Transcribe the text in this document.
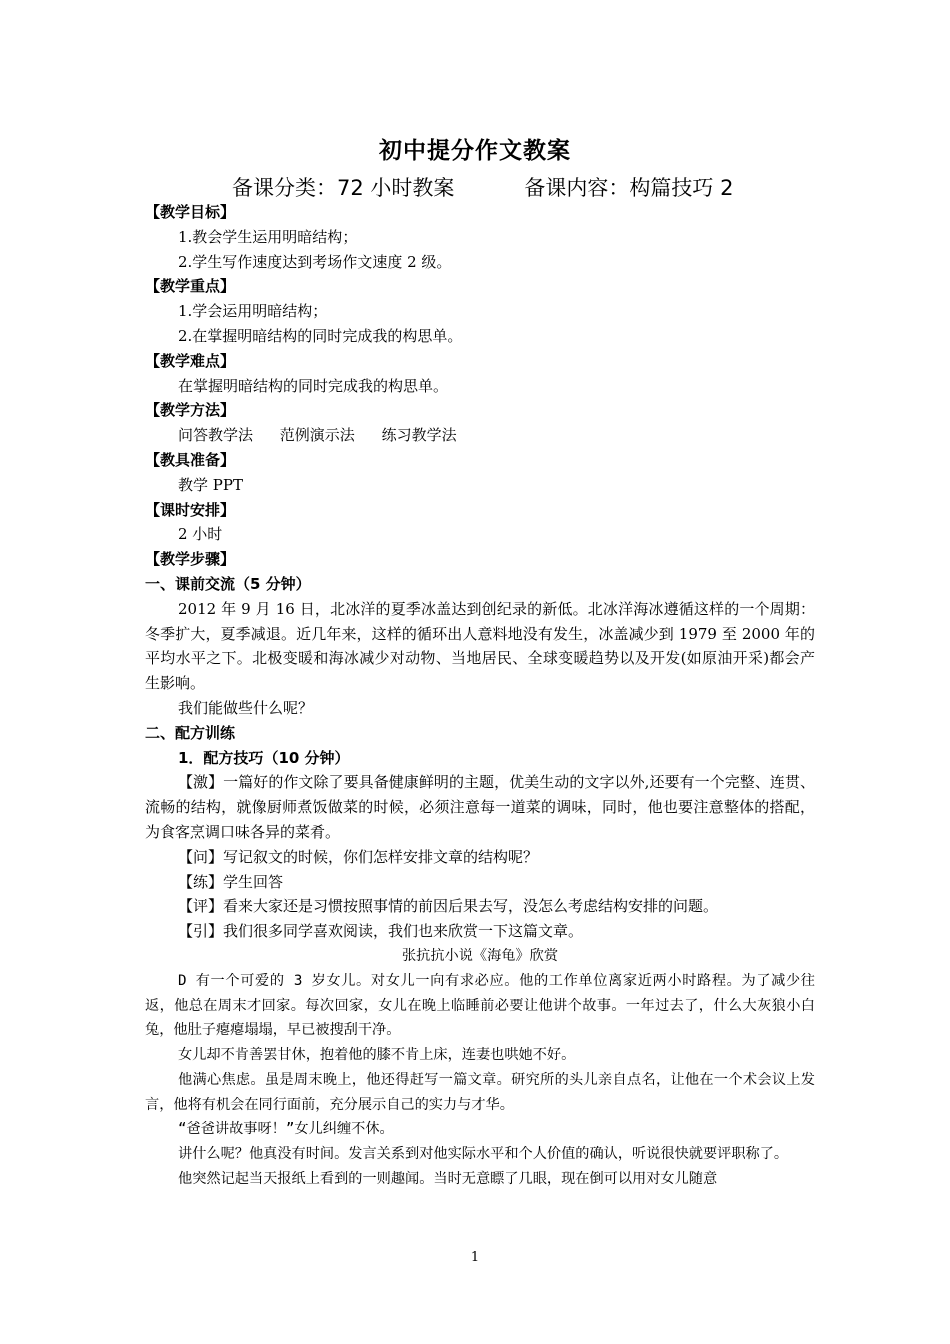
初中提分作文教案
备课分类：72 小时教案	备课内容：构篇技巧 2
【教学目标】
1.教会学生运用明暗结构；
2.学生写作速度达到考场作文速度 2 级。
【教学重点】
1.学会运用明暗结构；
2.在掌握明暗结构的同时完成我的构思单。
【教学难点】
在掌握明暗结构的同时完成我的构思单。
【教学方法】
问答教学法 范例演示法 练习教学法
【教具准备】
教学 PPT
【课时安排】
2 小时
【教学步骤】
一、课前交流（5 分钟）
2012 年 9 月 16 日，北冰洋的夏季冰盖达到创纪录的新低。北冰洋海冰遵循这样的一个周期：冬季扩大，夏季减退。近几年来，这样的循环出人意料地没有发生，冰盖减少到 1979 至 2000 年的平均水平之下。北极变暖和海冰减少对动物、当地居民、全球变暖趋势以及开发(如原油开采)都会产生影响。
我们能做些什么呢？
二、配方训练
1．配方技巧（10 分钟）
【激】一篇好的作文除了要具备健康鲜明的主题，优美生动的文字以外,还要有一个完整、连贯、流畅的结构，就像厨师煮饭做菜的时候，必须注意每一道菜的调味，同时，他也要注意整体的搭配，为食客烹调口味各异的菜肴。
【问】写记叙文的时候，你们怎样安排文章的结构呢？
【练】学生回答
【评】看来大家还是习惯按照事情的前因后果去写，没怎么考虑结构安排的问题。
【引】我们很多同学喜欢阅读，我们也来欣赏一下这篇文章。
张抗抗小说《海龟》欣赏
D 有一个可爱的 3 岁女儿。对女儿一向有求必应。他的工作单位离家近两小时路程。为了减少往返，他总在周末才回家。每次回家，女儿在晚上临睡前必要让他讲个故事。一年过去了，什么大灰狼小白兔，他肚子瘪瘪塌塌，早已被搜刮干净。
女儿却不肯善罢甘休，抱着他的膝不肯上床，连妻也哄她不好。
他满心焦虑。虽是周末晚上，他还得赶写一篇文章。研究所的头儿亲自点名，让他在一个术会议上发言，他将有机会在同行面前，充分展示自己的实力与才华。
“爸爸讲故事呀！”女儿纠缠不休。
讲什么呢？他真没有时间。发言关系到对他实际水平和个人价值的确认，听说很快就要评职称了。
他突然记起当天报纸上看到的一则趣闻。当时无意瞟了几眼，现在倒可以用对女儿随意
1
